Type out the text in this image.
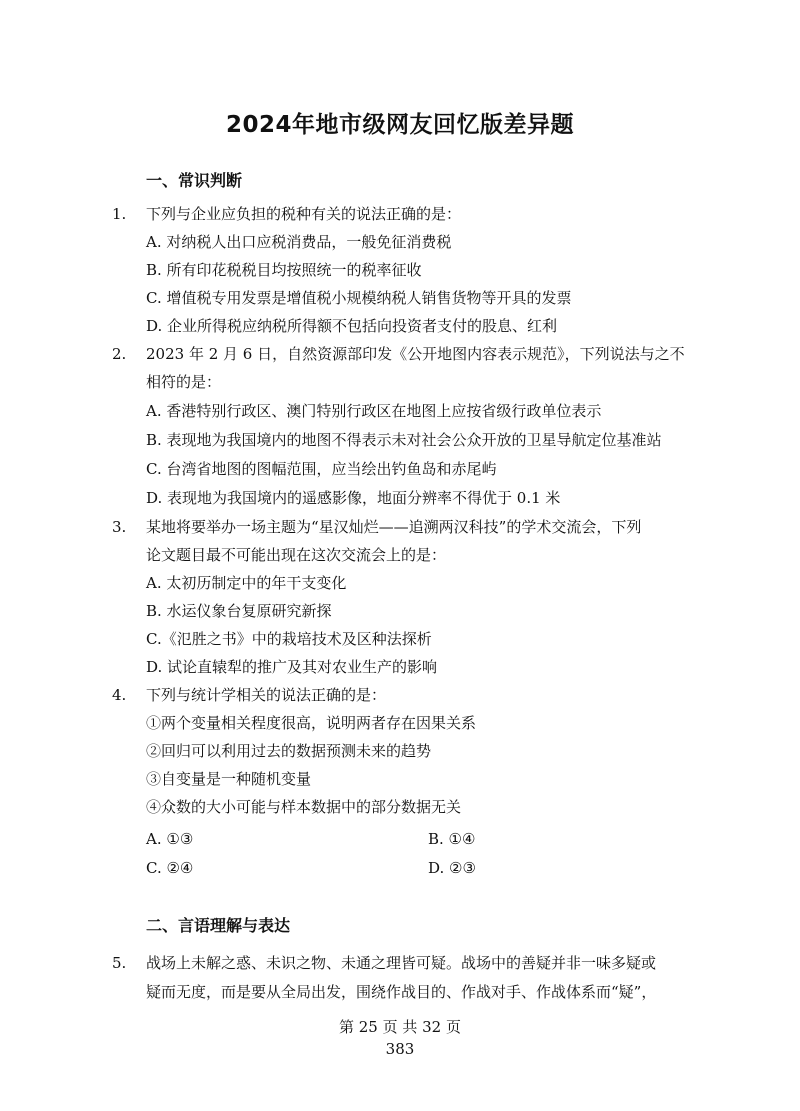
2024年地市级网友回忆版差异题
一、常识判断
1. 下列与企业应负担的税种有关的说法正确的是：
A. 对纳税人出口应税消费品，一般免征消费税
B. 所有印花税税目均按照统一的税率征收
C. 增值税专用发票是增值税小规模纳税人销售货物等开具的发票
D. 企业所得税应纳税所得额不包括向投资者支付的股息、红利
2. 2023 年 2 月 6 日，自然资源部印发《公开地图内容表示规范》，下列说法与之不
相符的是：
A. 香港特别行政区、澳门特别行政区在地图上应按省级行政单位表示
B. 表现地为我国境内的地图不得表示未对社会公众开放的卫星导航定位基准站
C. 台湾省地图的图幅范围，应当绘出钓鱼岛和赤尾屿
D. 表现地为我国境内的遥感影像，地面分辨率不得优于 0.1 米
3. 某地将要举办一场主题为“星汉灿烂——追溯两汉科技”的学术交流会，下列
论文题目最不可能出现在这次交流会上的是：
A. 太初历制定中的年干支变化
B. 水运仪象台复原研究新探
C.《氾胜之书》中的栽培技术及区种法探析
D. 试论直辕犁的推广及其对农业生产的影响
4. 下列与统计学相关的说法正确的是：
①两个变量相关程度很高，说明两者存在因果关系
②回归可以利用过去的数据预测未来的趋势
③自变量是一种随机变量
④众数的大小可能与样本数据中的部分数据无关
A. ①③	B. ①④
C. ②④	D. ②③
二、言语理解与表达
5. 战场上未解之惑、未识之物、未通之理皆可疑。战场中的善疑并非一味多疑或
疑而无度，而是要从全局出发，围绕作战目的、作战对手、作战体系而“疑”，
第 25 页 共 32 页
383
